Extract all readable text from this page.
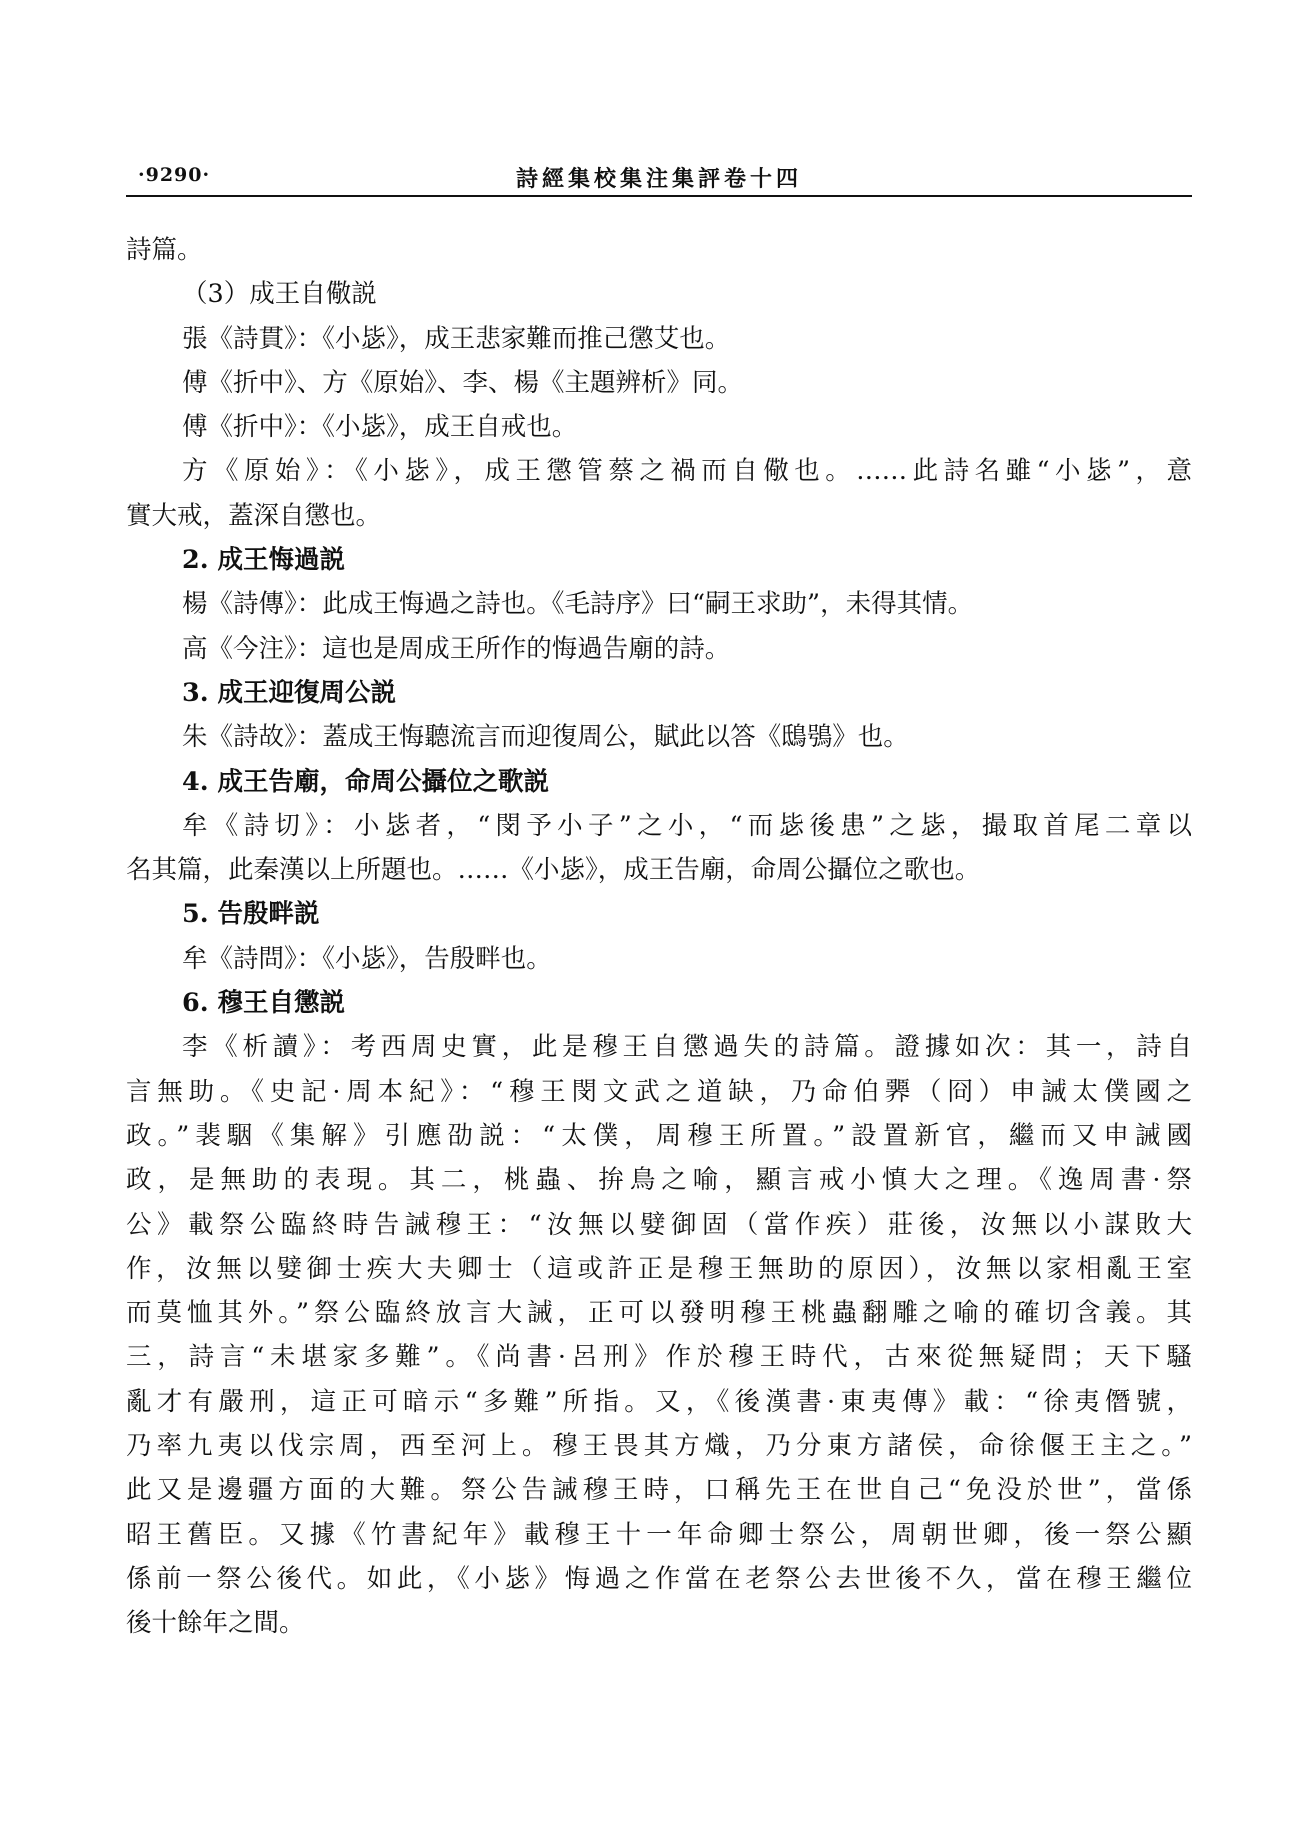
·9290·	詩經集校集注集評卷十四
詩篇。
（3）成王自儆説
張《詩貫》：《小毖》，成王悲家難而推己懲艾也。
傅《折中》、方《原始》、李、楊《主題辨析》同。
傅《折中》：《小毖》，成王自戒也。
方《原始》：《小毖》，成王懲管蔡之禍而自儆也。……此詩名雖“小毖”，意
實大戒，蓋深自懲也。
2. 成王悔過説
楊《詩傳》：此成王悔過之詩也。《毛詩序》曰“嗣王求助”，未得其情。
高《今注》：這也是周成王所作的悔過告廟的詩。
3. 成王迎復周公説
朱《詩故》：蓋成王悔聽流言而迎復周公，賦此以答《鴟鴞》也。
4. 成王告廟，命周公攝位之歌説
牟《詩切》：小毖者，“閔予小子”之小，“而毖後患”之毖，撮取首尾二章以
名其篇，此秦漢以上所題也。……《小毖》，成王告廟，命周公攝位之歌也。
5. 告殷畔説
牟《詩問》：《小毖》，告殷畔也。
6. 穆王自懲説
李《析讀》：考西周史實，此是穆王自懲過失的詩篇。證據如次：其一，詩自
言無助。《史記·周本紀》：“穆王閔文武之道缺，乃命伯臩（冏）申誡太僕國之
政。”裴駰《集解》引應劭説：“太僕，周穆王所置。”設置新官，繼而又申誡國
政，是無助的表現。其二，桃蟲、拚鳥之喻，顯言戒小慎大之理。《逸周書·祭
公》載祭公臨終時告誡穆王：“汝無以嬖御固（當作疾）莊後，汝無以小謀敗大
作，汝無以嬖御士疾大夫卿士（這或許正是穆王無助的原因），汝無以家相亂王室
而莫恤其外。”祭公臨終放言大誡，正可以發明穆王桃蟲翻雕之喻的確切含義。其
三，詩言“未堪家多難”。《尚書·呂刑》作於穆王時代，古來從無疑問；天下騷
亂才有嚴刑，這正可暗示“多難”所指。又，《後漢書·東夷傳》載：“徐夷僭號，
乃率九夷以伐宗周，西至河上。穆王畏其方熾，乃分東方諸侯，命徐偃王主之。”
此又是邊疆方面的大難。祭公告誡穆王時，口稱先王在世自己“免没於世”，當係
昭王舊臣。又據《竹書紀年》載穆王十一年命卿士祭公，周朝世卿，後一祭公顯
係前一祭公後代。如此，《小毖》悔過之作當在老祭公去世後不久，當在穆王繼位
後十餘年之間。
